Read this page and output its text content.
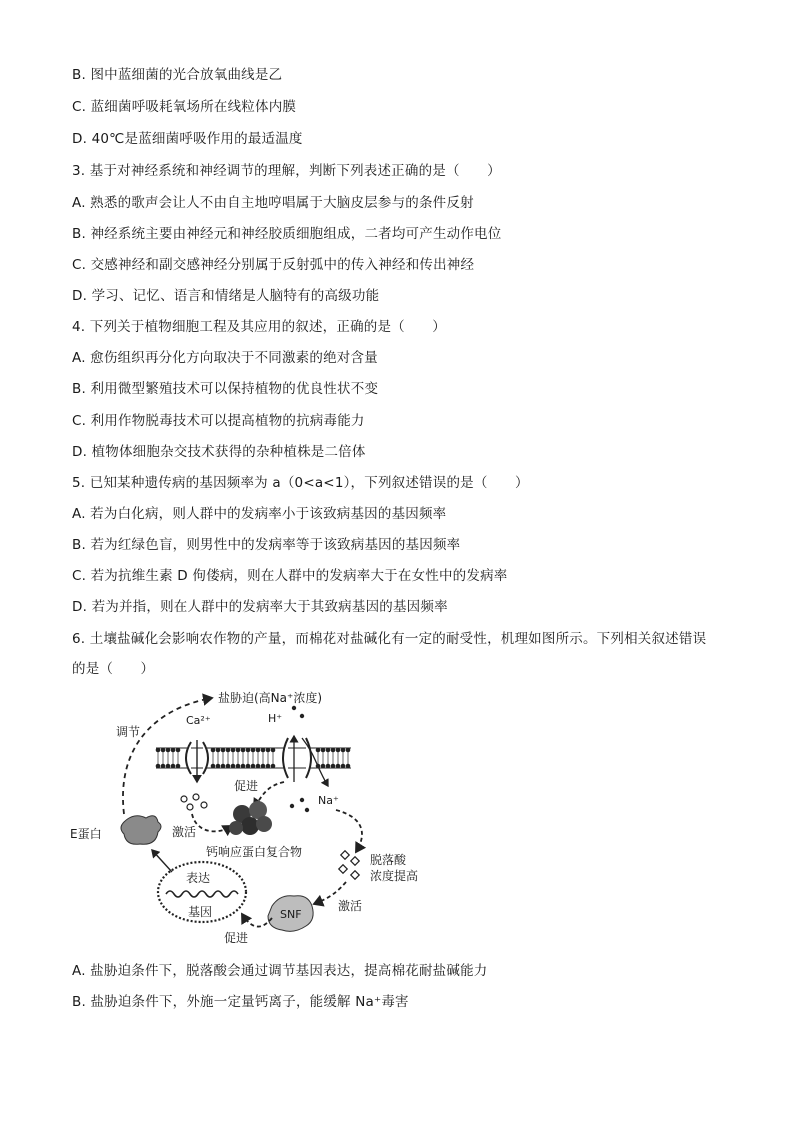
B. 图中蓝细菌的光合放氧曲线是乙
C. 蓝细菌呼吸耗氧场所在线粒体内膜
D. 40℃是蓝细菌呼吸作用的最适温度
3. 基于对神经系统和神经调节的理解，判断下列表述正确的是（　　）
A. 熟悉的歌声会让人不由自主地哼唱属于大脑皮层参与的条件反射
B. 神经系统主要由神经元和神经胶质细胞组成，二者均可产生动作电位
C. 交感神经和副交感神经分别属于反射弧中的传入神经和传出神经
D. 学习、记忆、语言和情绪是人脑特有的高级功能
4. 下列关于植物细胞工程及其应用的叙述，正确的是（　　）
A. 愈伤组织再分化方向取决于不同激素的绝对含量
B. 利用微型繁殖技术可以保持植物的优良性状不变
C. 利用作物脱毒技术可以提高植物的抗病毒能力
D. 植物体细胞杂交技术获得的杂种植株是二倍体
5. 已知某种遗传病的基因频率为 a（0<a<1），下列叙述错误的是（　　）
A. 若为白化病，则人群中的发病率小于该致病基因的基因频率
B. 若为红绿色盲，则男性中的发病率等于该致病基因的基因频率
C. 若为抗维生素 D 佝偻病，则在人群中的发病率大于在女性中的发病率
D. 若为并指，则在人群中的发病率大于其致病基因的基因频率
6. 土壤盐碱化会影响农作物的产量，而棉花对盐碱化有一定的耐受性，机理如图所示。下列相关叙述错误
的是（　　）
A. 盐胁迫条件下，脱落酸会通过调节基因表达，提高棉花耐盐碱能力
B. 盐胁迫条件下，外施一定量钙离子，能缓解 Na⁺毒害
盐胁迫(高Na⁺浓度)
调节
Ca²⁺	H⁺
Na⁺
促进
激活
钙响应蛋白复合物
E蛋白
表达
基因
脱落酸
浓度提高
激活
SNF
促进
